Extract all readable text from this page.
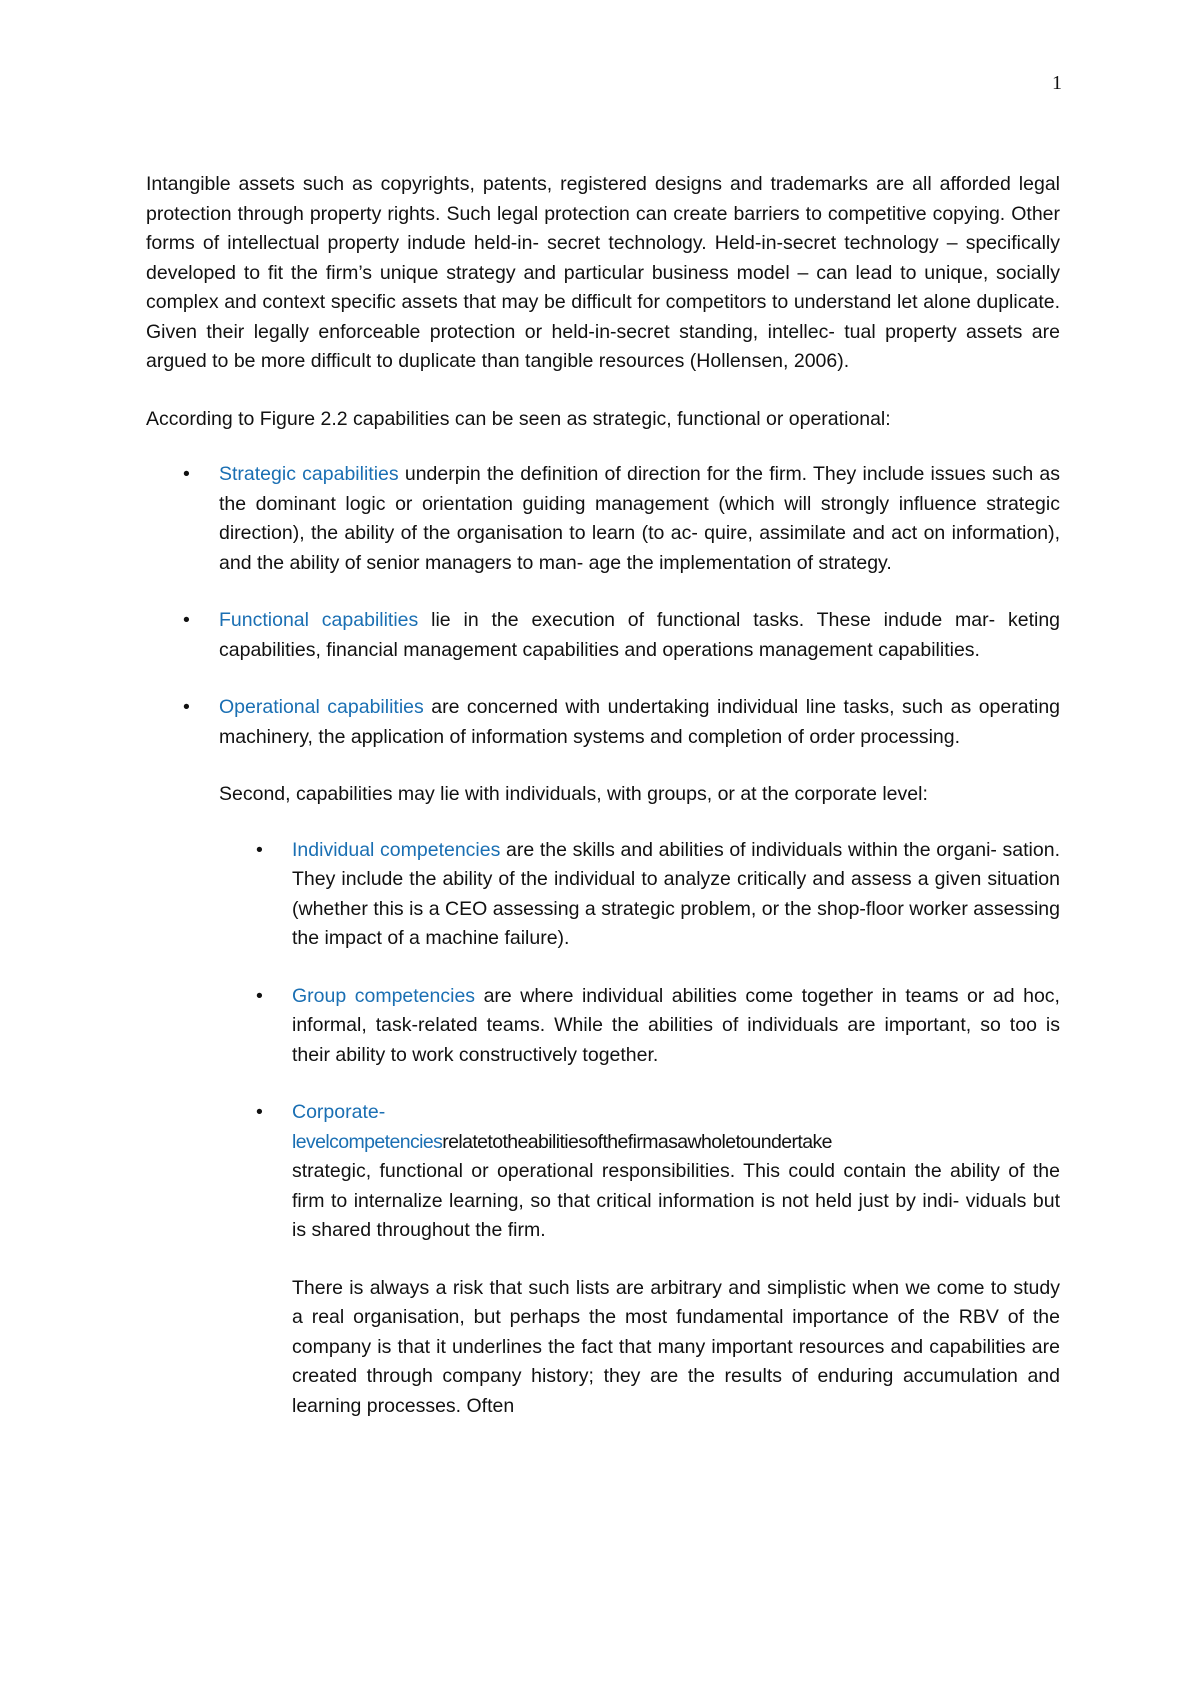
1

Intangible assets such as copyrights, patents, registered designs and trademarks are all afforded legal protection through property rights. Such legal protection can create barriers to competitive copying. Other forms of intellectual property indude held-in- secret technology. Held-in-secret technology – specifically developed to fit the firm’s unique strategy and particular business model – can lead to unique, socially complex and context specific assets that may be difficult for competitors to understand let alone duplicate. Given their legally enforceable protection or held-in-secret standing, intellec- tual property assets are argued to be more difficult to duplicate than tangible resources (Hollensen, 2006).

According to Figure 2.2 capabilities can be seen as strategic, functional or operational:

• Strategic capabilities underpin the definition of direction for the firm. They include issues such as the dominant logic or orientation guiding management (which will strongly influence strategic direction), the ability of the organisation to learn (to ac- quire, assimilate and act on information), and the ability of senior managers to man- age the implementation of strategy.
• Functional capabilities lie in the execution of functional tasks. These indude mar- keting capabilities, financial management capabilities and operations management capabilities.
• Operational capabilities are concerned with undertaking individual line tasks, such as operating machinery, the application of information systems and completion of order processing.

Second, capabilities may lie with individuals, with groups, or at the corporate level:

• Individual competencies are the skills and abilities of individuals within the organi- sation. They include the ability of the individual to analyze critically and assess a given situation (whether this is a CEO assessing a strategic problem, or the shop-floor worker assessing the impact of a machine failure).
• Group competencies are where individual abilities come together in teams or ad hoc, informal, task-related teams. While the abilities of individuals are important, so too is their ability to work constructively together.
• Corporate-
levelcompetenciesrelatetotheabilitiesofthefirmasawholetoundertake
strategic, functional or operational responsibilities. This could contain the ability of the firm to internalize learning, so that critical information is not held just by indi- viduals but is shared throughout the firm.

There is always a risk that such lists are arbitrary and simplistic when we come to study a real organisation, but perhaps the most fundamental importance of the RBV of the company is that it underlines the fact that many important resources and capabilities are created through company history; they are the results of enduring accumulation and learning processes. Often
